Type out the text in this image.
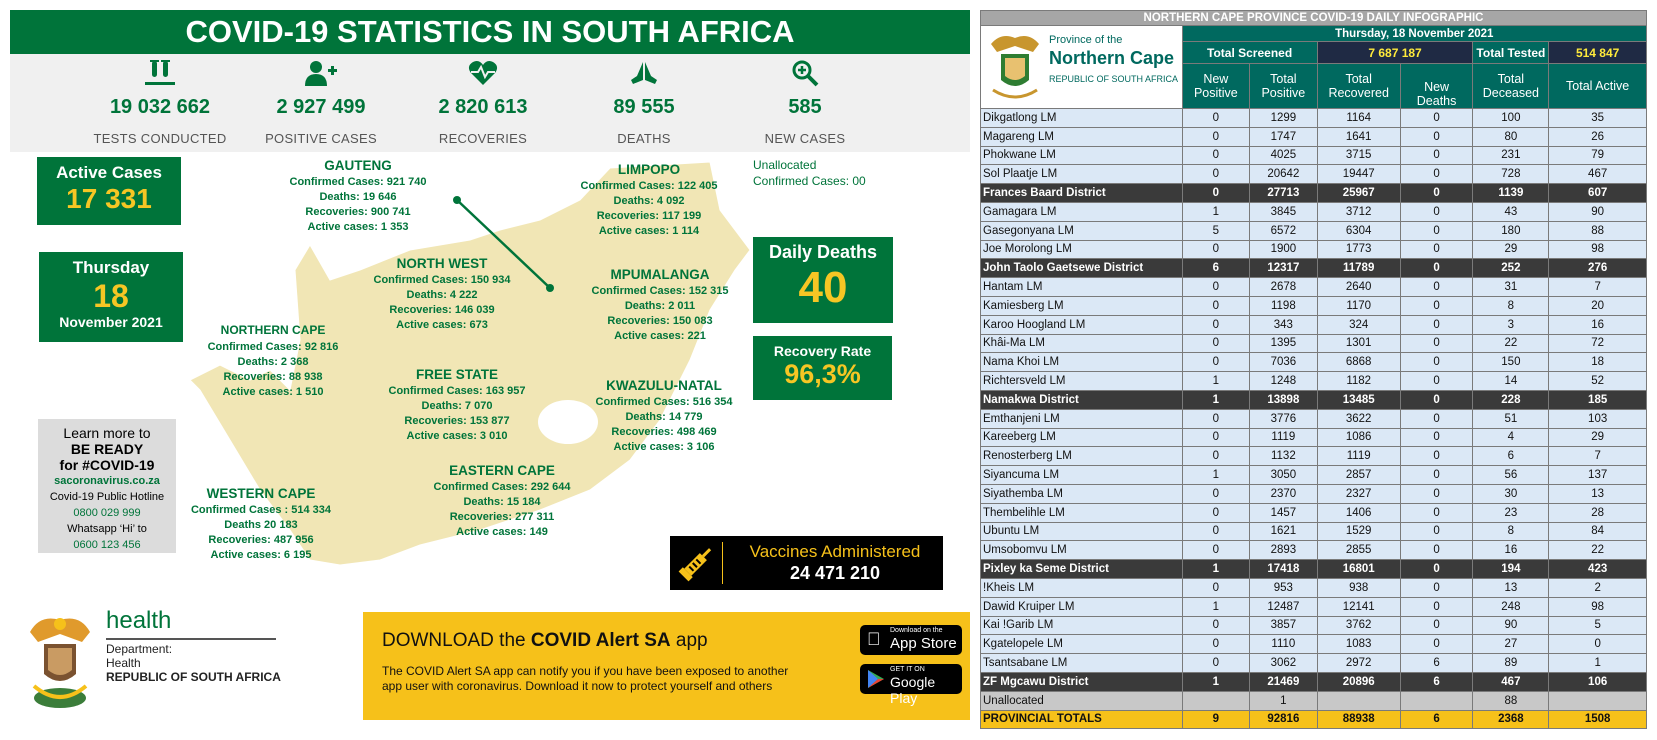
COVID-19 STATISTICS IN SOUTH AFRICA
19 032 662
TESTS CONDUCTED
2 927 499
POSITIVE CASES
2 820 613
RECOVERIES
89 555
DEATHS
585
NEW CASES
Active Cases
17 331
Thursday
18
November 2021
Daily Deaths
40
Recovery Rate
96,3%
Unallocated
Confirmed Cases: 00
GAUTENG
Confirmed Cases: 921 740
Deaths: 19 646
Recoveries: 900 741
Active cases: 1 353
LIMPOPO
Confirmed Cases: 122 405
Deaths: 4 092
Recoveries: 117 199
Active cases: 1 114
NORTH WEST
Confirmed Cases: 150 934
Deaths: 4 222
Recoveries: 146 039
Active cases: 673
MPUMALANGA
Confirmed Cases: 152 315
Deaths: 2 011
Recoveries: 150 083
Active cases: 221
NORTHERN CAPE
Confirmed Cases: 92 816
Deaths: 2 368
Recoveries: 88 938
Active cases: 1 510
FREE STATE
Confirmed Cases: 163 957
Deaths: 7 070
Recoveries: 153 877
Active cases: 3 010
KWAZULU-NATAL
Confirmed Cases: 516 354
Deaths: 14 779
Recoveries: 498 469
Active cases: 3 106
EASTERN CAPE
Confirmed Cases: 292 644
Deaths: 15 184
Recoveries: 277 311
Active cases: 149
WESTERN CAPE
Confirmed Cases : 514 334
Deaths 20 183
Recoveries: 487 956
Active cases: 6 195
Learn more to
BE READY
for #COVID-19
sacoronavirus.co.za
Covid-19 Public Hotline
0800 029 999
Whatsapp ‘Hi’ to
0600 123 456	Vaccines Administered
24 471 210
health
Department:
Health
REPUBLIC OF SOUTH AFRICA
DOWNLOAD the COVID Alert SA app
The COVID Alert SA app can notify you if you have been exposed to another app user with coronavirus. Download it now to protect yourself and others
Download on the
App Store
GET IT ON
Google Play
NORTHERN CAPE PROVINCE COVID-19 DAILY INFOGRAPHIC						

Province of the
Northern Cape
REPUBLIC OF SOUTH AFRICA	Thursday, 18 November 2021					
	Total Screened		7 687 187		Total Tested	514 847
	New Positive	Total Positive	Total Recovered	New Deaths	Total Deceased	Total Active
Dikgatlong LM	0	1299	1164	0	100	35
Magareng LM	0	1747	1641	0	80	26
Phokwane LM	0	4025	3715	0	231	79
Sol Plaatje LM	0	20642	19447	0	728	467
Frances Baard District	0	27713	25967	0	1139	607
Gamagara LM	1	3845	3712	0	43	90
Gasegonyana LM	5	6572	6304	0	180	88
Joe Morolong LM	0	1900	1773	0	29	98
John Taolo Gaetsewe District	6	12317	11789	0	252	276
Hantam LM	0	2678	2640	0	31	7
Kamiesberg LM	0	1198	1170	0	8	20
Karoo Hoogland LM	0	343	324	0	3	16
Khâi-Ma LM	0	1395	1301	0	22	72
Nama Khoi LM	0	7036	6868	0	150	18
Richtersveld LM	1	1248	1182	0	14	52
Namakwa District	1	13898	13485	0	228	185
Emthanjeni LM	0	3776	3622	0	51	103
Kareeberg LM	0	1119	1086	0	4	29
Renosterberg LM	0	1132	1119	0	6	7
Siyancuma LM	1	3050	2857	0	56	137
Siyathemba LM	0	2370	2327	0	30	13
Thembelihle LM	0	1457	1406	0	23	28
Ubuntu LM	0	1621	1529	0	8	84
Umsobomvu LM	0	2893	2855	0	16	22
Pixley ka Seme District	1	17418	16801	0	194	423
!Kheis LM	0	953	938	0	13	2
Dawid Kruiper LM	1	12487	12141	0	248	98
Kai !Garib LM	0	3857	3762	0	90	5
Kgatelopele LM	0	1110	1083	0	27	0
Tsantsabane LM	0	3062	2972	6	89	1
ZF Mgcawu District	1	21469	20896	6	467	106
Unallocated		1			88	
PROVINCIAL TOTALS	9	92816	88938	6	2368	1508
